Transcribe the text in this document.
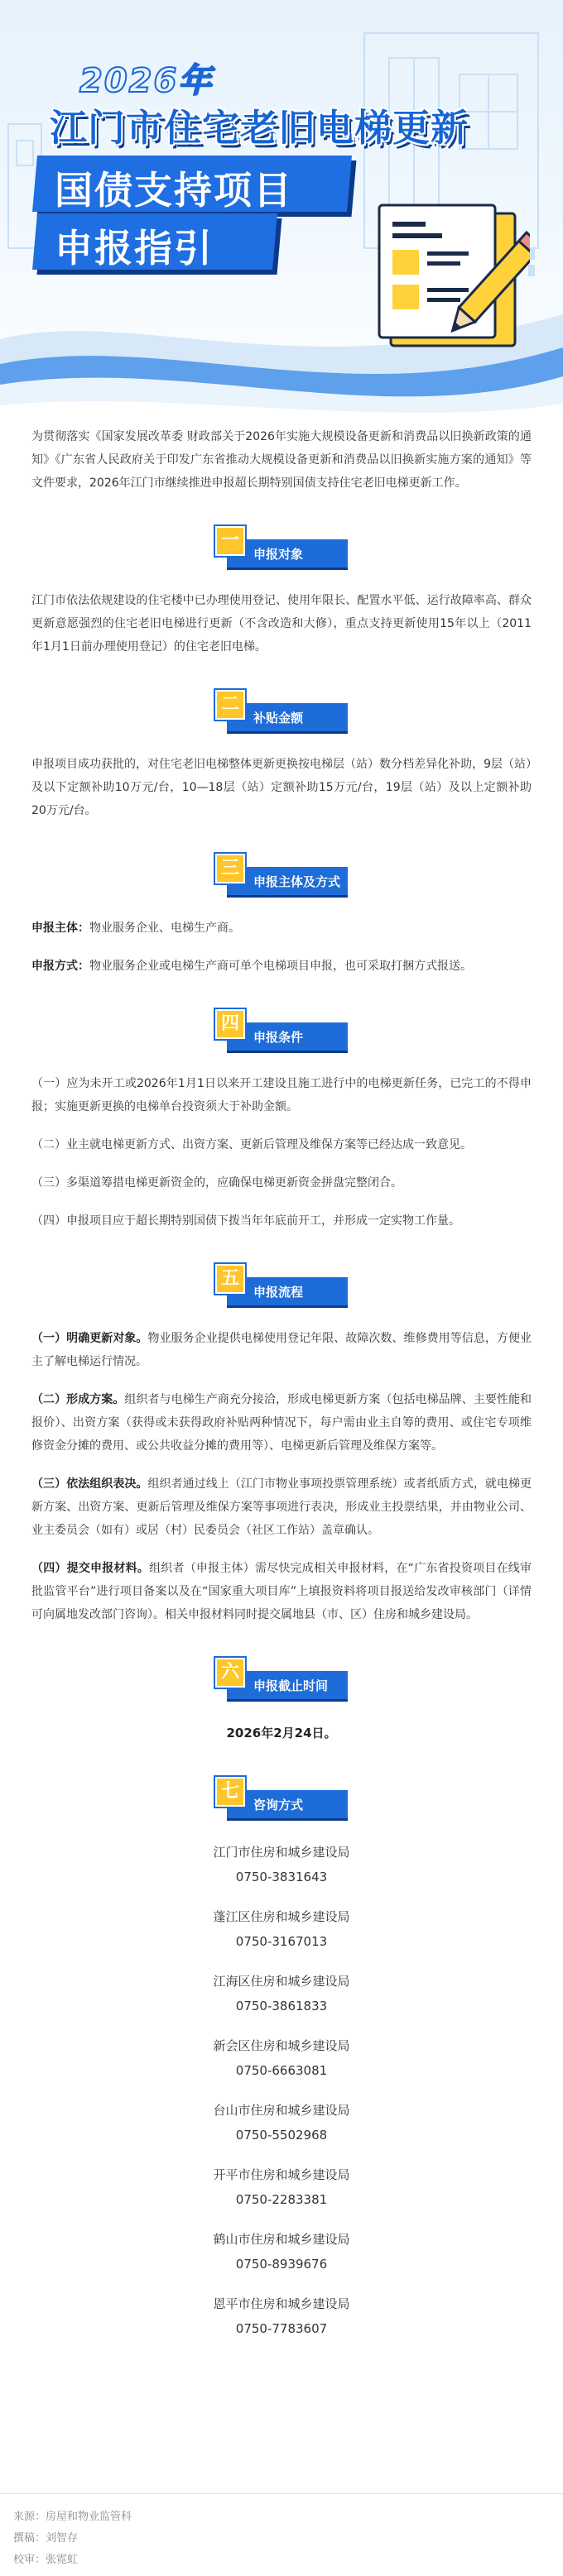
2026年
江门市住宅老旧电梯更新
国债支持项目
申报指引

为贯彻落实《国家发展改革委 财政部关于2026年实施大规模设备更新和消费品以旧换新政策的通知》《广东省人民政府关于印发广东省推动大规模设备更新和消费品以旧换新实施方案的通知》等文件要求，2026年江门市继续推进申报超长期特别国债支持住宅老旧电梯更新工作。

一
申报对象

江门市依法依规建设的住宅楼中已办理使用登记、使用年限长、配置水平低、运行故障率高、群众更新意愿强烈的住宅老旧电梯进行更新（不含改造和大修），重点支持更新使用15年以上（2011年1月1日前办理使用登记）的住宅老旧电梯。

二
补贴金额

申报项目成功获批的，对住宅老旧电梯整体更新更换按电梯层（站）数分档差异化补助，9层（站）及以下定额补助10万元/台，10—18层（站）定额补助15万元/台，19层（站）及以上定额补助20万元/台。

三
申报主体及方式

申报主体：物业服务企业、电梯生产商。

申报方式：物业服务企业或电梯生产商可单个电梯项目申报，也可采取打捆方式报送。

四
申报条件

（一）应为未开工或2026年1月1日以来开工建设且施工进行中的电梯更新任务，已完工的不得申报；实施更新更换的电梯单台投资须大于补助金额。

（二）业主就电梯更新方式、出资方案、更新后管理及维保方案等已经达成一致意见。

（三）多渠道筹措电梯更新资金的，应确保电梯更新资金拼盘完整闭合。

（四）申报项目应于超长期特别国债下拨当年年底前开工，并形成一定实物工作量。

五
申报流程

（一）明确更新对象。物业服务企业提供电梯使用登记年限、故障次数、维修费用等信息，方便业主了解电梯运行情况。

（二）形成方案。组织者与电梯生产商充分接洽，形成电梯更新方案（包括电梯品牌、主要性能和报价）、出资方案（获得或未获得政府补贴两种情况下，每户需由业主自筹的费用、或住宅专项维修资金分摊的费用、或公共收益分摊的费用等）、电梯更新后管理及维保方案等。

（三）依法组织表决。组织者通过线上（江门市物业事项投票管理系统）或者纸质方式，就电梯更新方案、出资方案、更新后管理及维保方案等事项进行表决，形成业主投票结果，并由物业公司、业主委员会（如有）或居（村）民委员会（社区工作站）盖章确认。

（四）提交申报材料。组织者（申报主体）需尽快完成相关申报材料，在“广东省投资项目在线审批监管平台”进行项目备案以及在“国家重大项目库”上填报资料将项目报送给发改审核部门（详情可向属地发改部门咨询）。相关申报材料同时提交属地县（市、区）住房和城乡建设局。

六
申报截止时间
2026年2月24日。
七
咨询方式
江门市住房和城乡建设局
0750-3831643
蓬江区住房和城乡建设局
0750-3167013
江海区住房和城乡建设局
0750-3861833
新会区住房和城乡建设局
0750-6663081
台山市住房和城乡建设局
0750-5502968
开平市住房和城乡建设局
0750-2283381
鹤山市住房和城乡建设局
0750-8939676
恩平市住房和城乡建设局
0750-7783607
来源：房屋和物业监管科
撰稿：刘智存
校审：张霓虹
